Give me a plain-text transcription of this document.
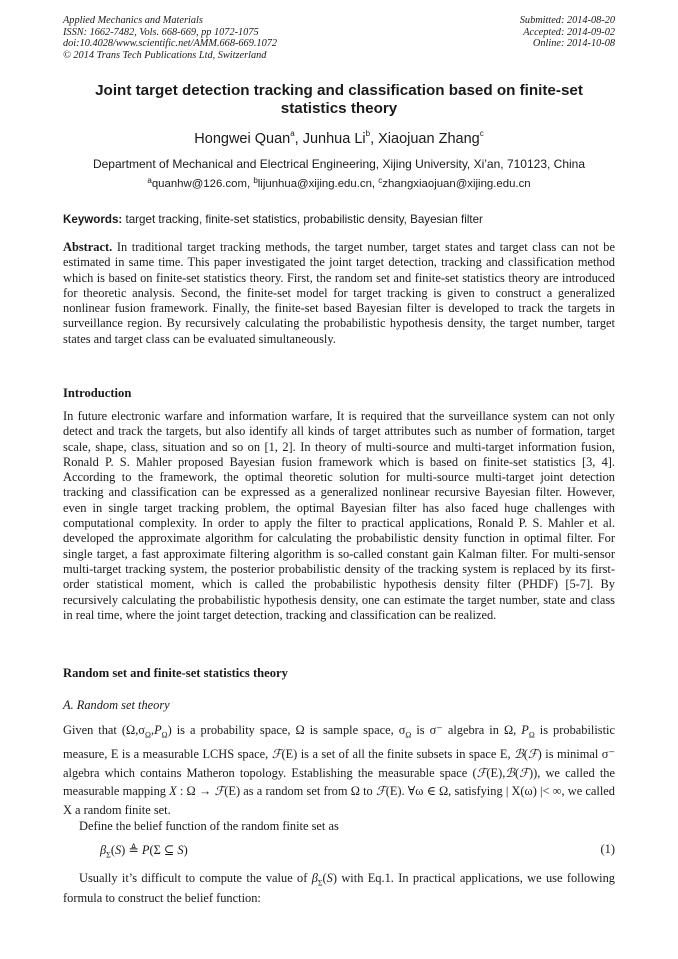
Applied Mechanics and Materials
ISSN: 1662-7482, Vols. 668-669, pp 1072-1075
doi:10.4028/www.scientific.net/AMM.668-669.1072
© 2014 Trans Tech Publications Ltd, Switzerland
Submitted: 2014-08-20
Accepted: 2014-09-02
Online: 2014-10-08
Joint target detection tracking and classification based on finite-set statistics theory
Hongwei Quan$^a$, Junhua Li$^b$, Xiaojuan Zhang$^c$
Department of Mechanical and Electrical Engineering, Xijing University, Xi’an, 710123, China
$^a$quanhw@126.com, $^b$lijunhua@xijing.edu.cn, $^c$zhangxiaojuan@xijing.edu.cn
Keywords: target tracking, finite-set statistics, probabilistic density, Bayesian filter
Abstract. In traditional target tracking methods, the target number, target states and target class can not be estimated in same time. This paper investigated the joint target detection, tracking and classification method which is based on finite-set statistics theory. First, the random set and finite-set statistics theory are introduced for theoretic analysis. Second, the finite-set model for target tracking is given to construct a generalized nonlinear fusion framework. Finally, the finite-set based Bayesian filter is developed to track the targets in surveillance region. By recursively calculating the probabilistic hypothesis density, the target number, target states and target class can be evaluated simultaneously.
Introduction
In future electronic warfare and information warfare, It is required that the surveillance system can not only detect and track the targets, but also identify all kinds of target attributes such as number of formation, target scale, shape, class, situation and so on [1, 2]. In theory of multi-source and multi-target information fusion, Ronald P. S. Mahler proposed Bayesian fusion framework which is based on finite-set statistics [3, 4]. According to the framework, the optimal theoretic solution for multi-source multi-target joint detection tracking and classification can be expressed as a generalized nonlinear recursive Bayesian filter. However, even in single target tracking problem, the optimal Bayesian filter has also faced huge challenges with computational complexity. In order to apply the filter to practical applications, Ronald P. S. Mahler et al. developed the approximate algorithm for calculating the probabilistic density function in optimal filter. For single target, a fast approximate filtering algorithm is so-called constant gain Kalman filter. For multi-sensor multi-target tracking system, the posterior probabilistic density of the tracking system is replaced by its first-order statistical moment, which is called the probabilistic hypothesis density filter (PHDF) [5-7]. By recursively calculating the probabilistic hypothesis density, one can estimate the target number, state and class in real time, where the joint target detection, tracking and classification can be realized.
Random set and finite-set statistics theory
A. Random set theory
Given that $(\Omega,\sigma_\Omega,P_\Omega)$ is a probability space, Ω is sample space, $\sigma_\Omega$ is σ⁻ algebra in Ω, $P_\Omega$ is probabilistic measure, E is a measurable LCHS space, ℱ(E) is a set of all the finite subsets in space E, ℬ(ℱ) is minimal σ⁻ algebra which contains Matheron topology. Establishing the measurable space (ℱ(E),ℬ(ℱ)), we called the measurable mapping X : Ω → ℱ(E) as a random set from Ω to ℱ(E). ∀ω ∈ Ω, satisfying | X(ω) |< ∞, we called X a random finite set.
Define the belief function of the random finite set as
$\beta_\Sigma(S)$ ≜ P(Σ ⊆ S)	(1)
Usually it’s difficult to compute the value of $\beta_\Sigma(S)$ with Eq.1. In practical applications, we use following formula to construct the belief function:
